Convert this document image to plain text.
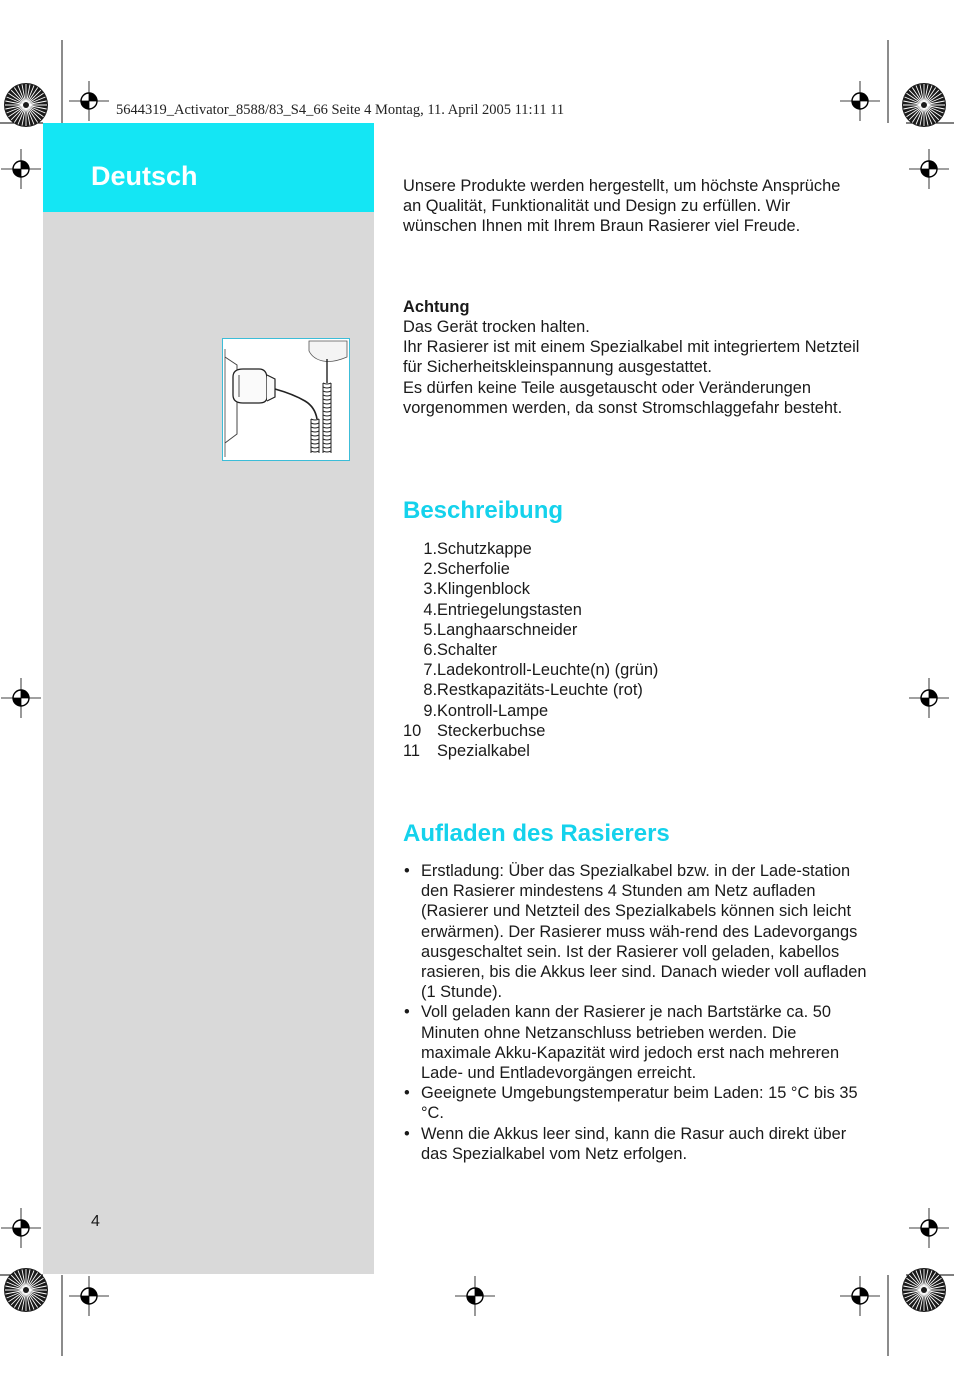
Deutsch
4
5644319_Activator_8588/83_S4_66 Seite 4 Montag, 11. April 2005 11:11 11

Unsere Produkte werden hergestellt, um höchste Ansprüche an Qualität, Funktionalität und Design zu erfüllen. Wir wünschen Ihnen mit Ihrem Braun Rasierer viel Freude.

Achtung

Das Gerät trocken halten.

Ihr Rasierer ist mit einem Spezialkabel mit integriertem Netzteil für Sicherheitskleinspannung ausgestattet.

Es dürfen keine Teile ausgetauscht oder Veränderungen vorgenommen werden, da sonst Stromschlaggefahr besteht.

Beschreibung
1. Schutzkappe
2. Scherfolie
3. Klingenblock
4. Entriegelungstasten
5. Langhaarschneider
6. Schalter
7. Ladekontroll-Leuchte(n) (grün)
8. Restkapazitäts-Leuchte (rot)
9. Kontroll-Lampe
10 Steckerbuchse
11	Spezialkabel
Aufladen des Rasierers
• Erstladung: Über das Spezialkabel bzw. in der Lade-station den Rasierer mindestens 4 Stunden am Netz aufladen (Rasierer und Netzteil des Spezialkabels können sich leicht erwärmen). Der Rasierer muss wäh-rend des Ladevorgangs ausgeschaltet sein. Ist der Rasierer voll geladen, kabellos rasieren, bis die Akkus leer sind. Danach wieder voll aufladen (1 Stunde).
• Voll geladen kann der Rasierer je nach Bartstärke ca. 50 Minuten ohne Netzanschluss betrieben werden. Die maximale Akku-Kapazität wird jedoch erst nach mehreren Lade- und Entladevorgängen erreicht.
• Geeignete Umgebungstemperatur beim Laden: 15 °C bis 35 °C.
• Wenn die Akkus leer sind, kann die Rasur auch direkt über das Spezialkabel vom Netz erfolgen.
